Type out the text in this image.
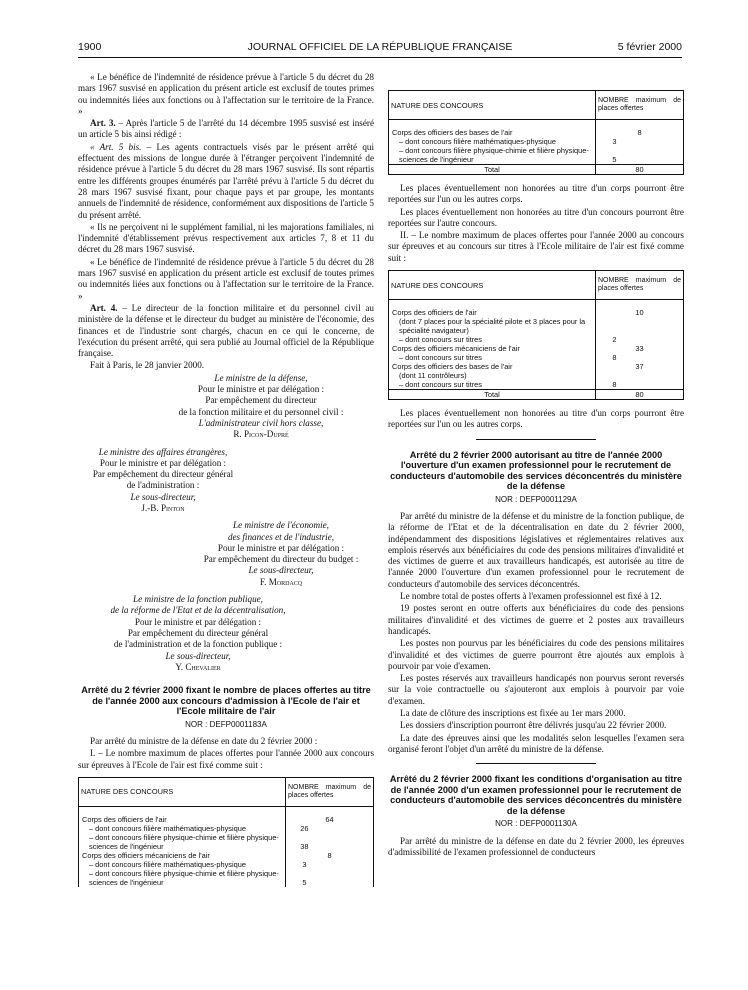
1900	JOURNAL OFFICIEL DE LA RÉPUBLIQUE FRANÇAISE	5 février 2000

« Le bénéfice de l'indemnité de résidence prévue à l'article 5 du décret du 28 mars 1967 susvisé en application du présent article est exclusif de toutes primes ou indemnités liées aux fonctions ou à l'affectation sur le territoire de la France. »

Art. 3. – Après l'article 5 de l'arrêté du 14 décembre 1995 susvisé est inséré un article 5 bis ainsi rédigé :

« Art. 5 bis. – Les agents contractuels visés par le présent arrêté qui effectuent des missions de longue durée à l'étranger perçoivent l'indemnité de résidence prévue à l'article 5 du décret du 28 mars 1967 susvisé. Ils sont répartis entre les différents groupes énumérés par l'arrêté prévu à l'article 5 du décret du 28 mars 1967 susvisé fixant, pour chaque pays et par groupe, les montants annuels de l'indemnité de résidence, conformément aux dispositions de l'article 5 du présent arrêté.

« Ils ne perçoivent ni le supplément familial, ni les majorations familiales, ni l'indemnité d'établissement prévus respectivement aux articles 7, 8 et 11 du décret du 28 mars 1967 susvisé.

« Le bénéfice de l'indemnité de résidence prévue à l'article 5 du décret du 28 mars 1967 susvisé en application du présent article est exclusif de toutes primes ou indemnités liées aux fonctions ou à l'affectation sur le territoire de la France. »

Art. 4. – Le directeur de la fonction militaire et du personnel civil au ministère de la défense et le directeur du budget au ministère de l'économie, des finances et de l'industrie sont chargés, chacun en ce qui le concerne, de l'exécution du présent arrêté, qui sera publié au Journal officiel de la République française.

Fait à Paris, le 28 janvier 2000.

Le ministre de la défense,

Pour le ministre et par délégation :

Par empêchement du directeur

de la fonction militaire et du personnel civil :

L'administrateur civil hors classe,

R. Picon-Dupré

Le ministre des affaires étrangères,

Pour le ministre et par délégation :

Par empêchement du directeur général

de l'administration :

Le sous-directeur,

J.-B. Pinton

Le ministre de l'économie,

des finances et de l'industrie,

Pour le ministre et par délégation :

Par empêchement du directeur du budget :

Le sous-directeur,

F. Mordacq

Le ministre de la fonction publique,

de la réforme de l'Etat et de la décentralisation,

Pour le ministre et par délégation :

Par empêchement du directeur général

de l'administration et de la fonction publique :

Le sous-directeur,

Y. Chevalier

Arrêté du 2 février 2000 fixant le nombre de places offertes au titre de l'année 2000 aux concours d'admission à l'Ecole de l'air et l'Ecole militaire de l'air
NOR : DEFP0001183A

Par arrêté du ministre de la défense en date du 2 février 2000 :

I. – Le nombre maximum de places offertes pour l'année 2000 aux concours sur épreuves à l'Ecole de l'air est fixé comme suit :

NATURE DES CONCOURS	NOMBRE maximum de places offertes

Corps des officiers de l'air	64
– dont concours filière mathématiques-physique	26
– dont concours filière physique-chimie et filière physique-sciences de l'ingénieur	38
Corps des officiers mécaniciens de l'air	8
– dont concours filière mathématiques-physique	3
– dont concours filière physique-chimie et filière physique-sciences de l'ingénieur	5
NATURE DES CONCOURS	NOMBRE maximum de places offertes

Corps des officiers des bases de l'air	8
– dont concours filière mathématiques-physique	3
– dont concours filière physique-chimie et filière physique-sciences de l'ingénieur	5
Total	80

Les places éventuellement non honorées au titre d'un corps pourront être reportées sur l'un ou les autres corps.

Les places éventuellement non honorées au titre d'un concours pourront être reportées sur l'autre concours.

II. – Le nombre maximum de places offertes pour l'année 2000 au concours sur épreuves et au concours sur titres à l'Ecole militaire de l'air est fixé comme suit :

NATURE DES CONCOURS	NOMBRE maximum de places offertes

Corps des officiers de l'air	10
(dont 7 places pour la spécialité pilote et 3 places pour la spécialité navigateur)	
– dont concours sur titres	2
Corps des officiers mécaniciens de l'air	33
– dont concours sur titres	8
Corps des officiers des bases de l'air	37
(dont 11 contrôleurs)	
– dont concours sur titres	8
Total	80

Les places éventuellement non honorées au titre d'un corps pourront être reportées sur l'un ou les autres corps.

Arrêté du 2 février 2000 autorisant au titre de l'année 2000 l'ouverture d'un examen professionnel pour le recrutement de conducteurs d'automobile des services déconcentrés du ministère de la défense
NOR : DEFP0001129A

Par arrêté du ministre de la défense et du ministre de la fonction publique, de la réforme de l'Etat et de la décentralisation en date du 2 février 2000, indépendamment des dispositions législatives et réglementaires relatives aux emplois réservés aux bénéficiaires du code des pensions militaires d'invalidité et des victimes de guerre et aux travailleurs handicapés, est autorisée au titre de l'année 2000 l'ouverture d'un examen professionnel pour le recrutement de conducteurs d'automobile des services déconcentrés.

Le nombre total de postes offerts à l'examen professionnel est fixé à 12.

19 postes seront en outre offerts aux bénéficiaires du code des pensions militaires d'invalidité et des victimes de guerre et 2 postes aux travailleurs handicapés.

Les postes non pourvus par les bénéficiaires du code des pensions militaires d'invalidité et des victimes de guerre pourront être ajoutés aux emplois à pourvoir par voie d'examen.

Les postes réservés aux travailleurs handicapés non pourvus seront reversés sur la voie contractuelle ou s'ajouteront aux emplois à pourvoir par voie d'examen.

La date de clôture des inscriptions est fixée au 1er mars 2000.

Les dossiers d'inscription pourront être délivrés jusqu'au 22 février 2000.

La date des épreuves ainsi que les modalités selon lesquelles l'examen sera organisé feront l'objet d'un arrêté du ministre de la défense.

Arrêté du 2 février 2000 fixant les conditions d'organisation au titre de l'année 2000 d'un examen professionnel pour le recrutement de conducteurs d'automobile des services déconcentrés du ministère de la défense
NOR : DEFP0001130A

Par arrêté du ministre de la défense en date du 2 février 2000, les épreuves d'admissibilité de l'examen professionnel de conducteurs
